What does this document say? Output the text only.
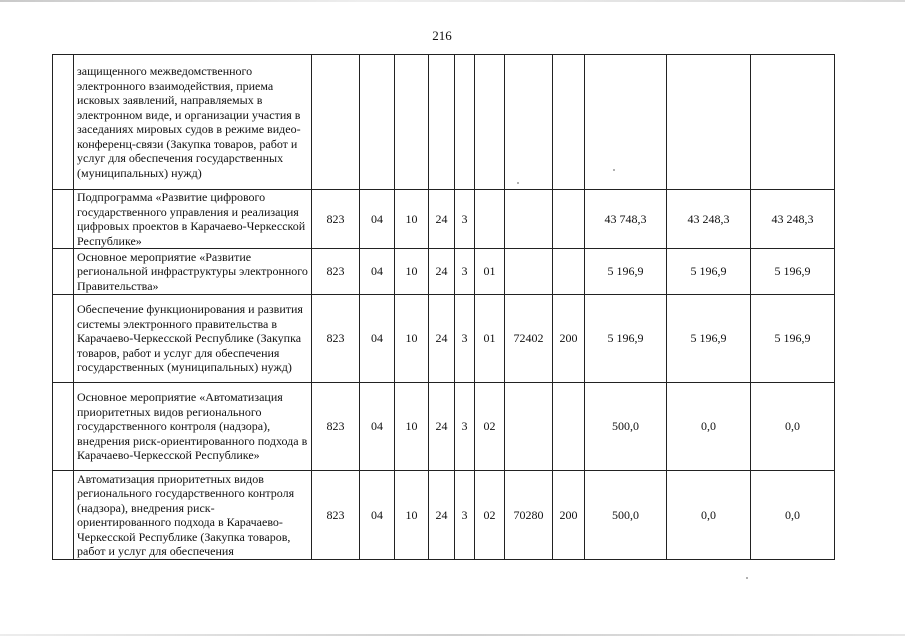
216
	защищенного межведомственного электронного взаимодействия, приема исковых заявлений, направляемых в электронном виде, и организации участия в заседаниях мировых судов в режиме видео-конференц-связи (Закупка товаров, работ и услуг для обеспечения государственных (муниципальных) нужд)											
	Подпрограмма «Развитие цифрового государственного управления и реализация цифровых проектов в Карачаево-Черкесской Республике»	823	04	10	24	3				43 748,3	43 248,3	43 248,3
	Основное мероприятие «Развитие региональной инфраструктуры электронного Правительства»	823	04	10	24	3	01			5 196,9	5 196,9	5 196,9
	Обеспечение функционирования и развития системы электронного правительства в Карачаево-Черкесской Республике (Закупка товаров, работ и услуг для обеспечения государственных (муниципальных) нужд)	823	04	10	24	3	01	72402	200	5 196,9	5 196,9	5 196,9
	Основное мероприятие «Автоматизация приоритетных видов регионального государственного контроля (надзора), внедрения риск-ориентированного подхода в Карачаево-Черкесской Республике»	823	04	10	24	3	02			500,0	0,0	0,0
	Автоматизация приоритетных видов регионального государственного контроля (надзора), внедрения риск-ориентированного подхода в Карачаево-Черкесской Республике (Закупка товаров, работ и услуг для обеспечения	823	04	10	24	3	02	70280	200	500,0	0,0	0,0
